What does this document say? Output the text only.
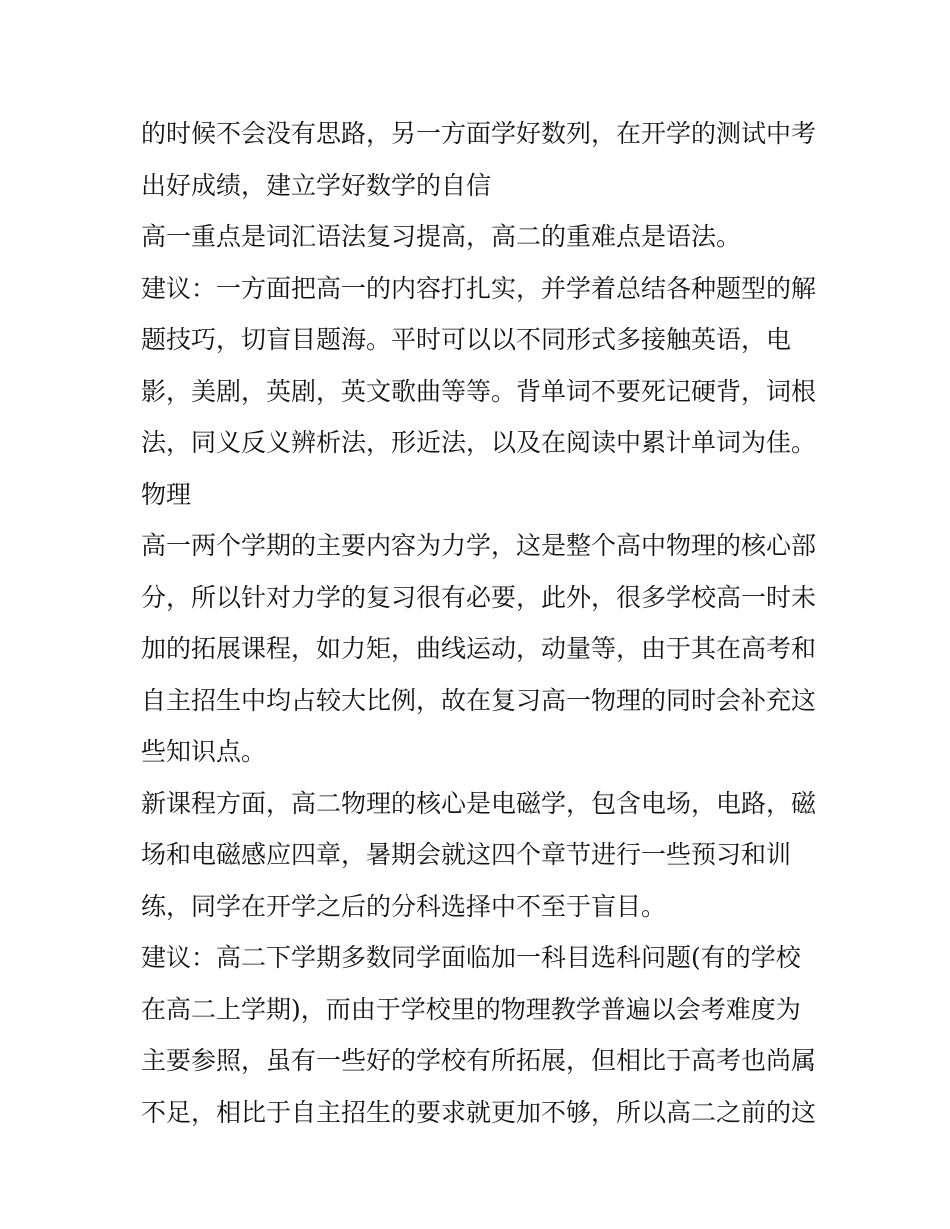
的时候不会没有思路，另一方面学好数列，在开学的测试中考
出好成绩，建立学好数学的自信
高一重点是词汇语法复习提高，高二的重难点是语法。
建议：一方面把高一的内容打扎实，并学着总结各种题型的解
题技巧，切盲目题海。平时可以以不同形式多接触英语，电
影，美剧，英剧，英文歌曲等等。背单词不要死记硬背，词根
法，同义反义辨析法，形近法，以及在阅读中累计单词为佳。
物理
高一两个学期的主要内容为力学，这是整个高中物理的核心部
分，所以针对力学的复习很有必要，此外，很多学校高一时未
加的拓展课程，如力矩，曲线运动，动量等，由于其在高考和
自主招生中均占较大比例，故在复习高一物理的同时会补充这
些知识点。
新课程方面，高二物理的核心是电磁学，包含电场，电路，磁
场和电磁感应四章，暑期会就这四个章节进行一些预习和训
练，同学在开学之后的分科选择中不至于盲目。
建议：高二下学期多数同学面临加一科目选科问题(有的学校
在高二上学期)，而由于学校里的物理教学普遍以会考难度为
主要参照，虽有一些好的学校有所拓展，但相比于高考也尚属
不足，相比于自主招生的要求就更加不够，所以高二之前的这
